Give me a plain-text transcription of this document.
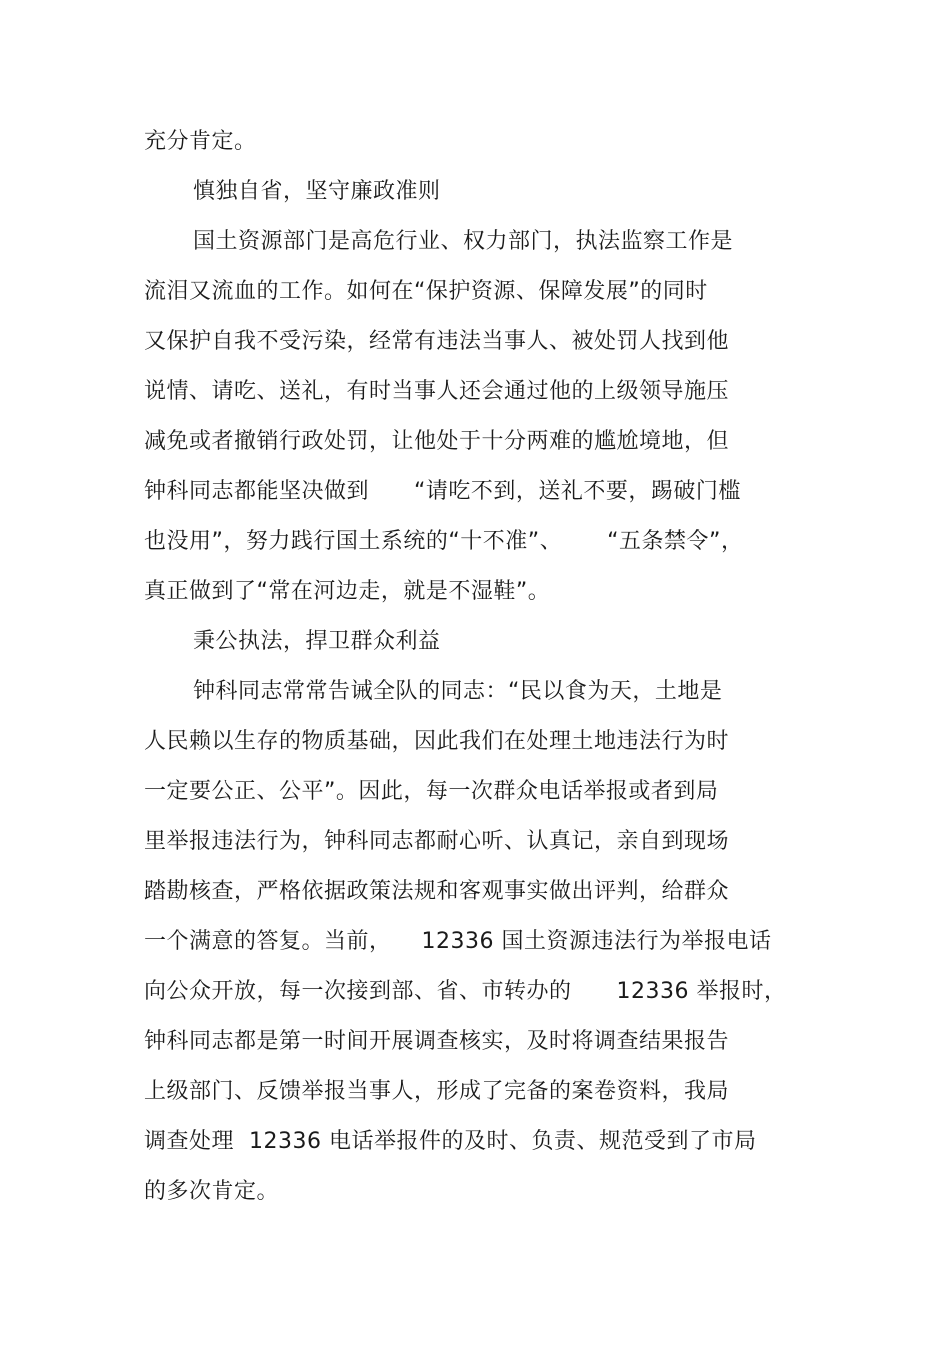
充分肯定。
慎独自省，坚守廉政准则
国土资源部门是高危行业、权力部门，执法监察工作是
流泪又流血的工作。如何在“保护资源、保障发展”的同时
又保护自我不受污染，经常有违法当事人、被处罚人找到他
说情、请吃、送礼，有时当事人还会通过他的上级领导施压
减免或者撤销行政处罚，让他处于十分两难的尴尬境地，但
钟科同志都能坚决做到      “请吃不到，送礼不要，踢破门槛
也没用”，努力践行国土系统的“十不准”、      “五条禁令”，
真正做到了“常在河边走，就是不湿鞋”。
秉公执法，捍卫群众利益
钟科同志常常告诫全队的同志：“民以食为天，土地是
人民赖以生存的物质基础，因此我们在处理土地违法行为时
一定要公正、公平”。因此，每一次群众电话举报或者到局
里举报违法行为，钟科同志都耐心听、认真记，亲自到现场
踏勘核查，严格依据政策法规和客观事实做出评判，给群众
一个满意的答复。当前，    12336 国土资源违法行为举报电话
向公众开放，每一次接到部、省、市转办的      12336 举报时，
钟科同志都是第一时间开展调查核实，及时将调查结果报告
上级部门、反馈举报当事人，形成了完备的案卷资料，我局
调查处理  12336 电话举报件的及时、负责、规范受到了市局
的多次肯定。
